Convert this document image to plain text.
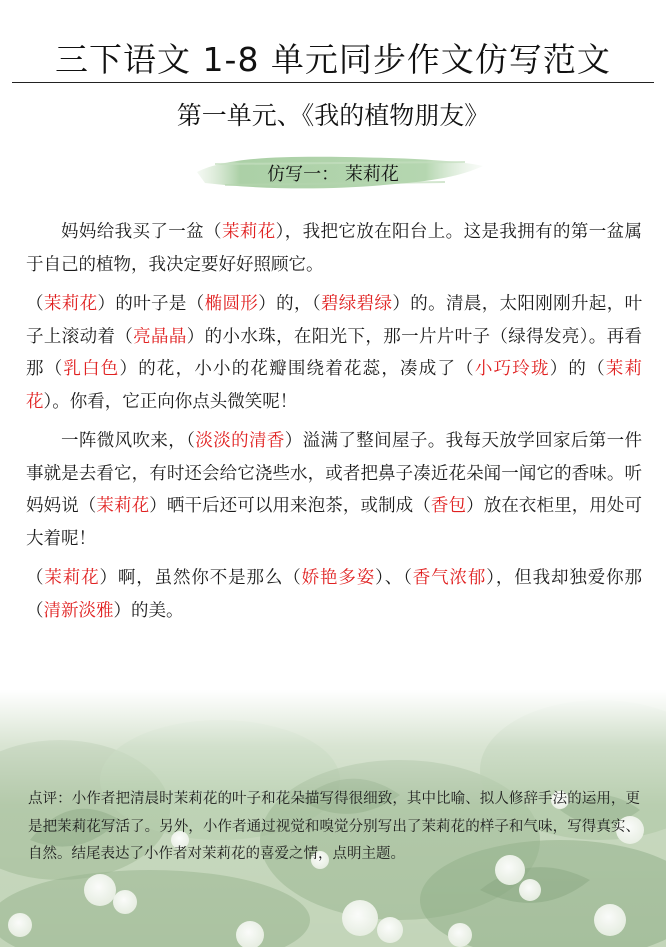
三下语文 1-8 单元同步作文仿写范文
第一单元、《我的植物朋友》
仿写一： 茉莉花

妈妈给我买了一盆（茉莉花），我把它放在阳台上。这是我拥有的第一盆属于自己的植物，我决定要好好照顾它。

（茉莉花）的叶子是（椭圆形）的，（碧绿碧绿）的。清晨，太阳刚刚升起，叶子上滚动着（亮晶晶）的小水珠，在阳光下，那一片片叶子（绿得发亮）。再看那（乳白色）的花，小小的花瓣围绕着花蕊，凑成了（小巧玲珑）的（茉莉花）。你看，它正向你点头微笑呢！

一阵微风吹来，（淡淡的清香）溢满了整间屋子。我每天放学回家后第一件事就是去看它，有时还会给它浇些水，或者把鼻子凑近花朵闻一闻它的香味。听妈妈说（茉莉花）晒干后还可以用来泡茶，或制成（香包）放在衣柜里，用处可大着呢！

（茉莉花）啊，虽然你不是那么（娇艳多姿）、（香气浓郁），但我却独爱你那（清新淡雅）的美。

点评：小作者把清晨时茉莉花的叶子和花朵描写得很细致，其中比喻、拟人修辞手法的运用，更是把茉莉花写活了。另外，小作者通过视觉和嗅觉分别写出了茉莉花的样子和气味，写得真实、自然。结尾表达了小作者对茉莉花的喜爱之情，点明主题。
